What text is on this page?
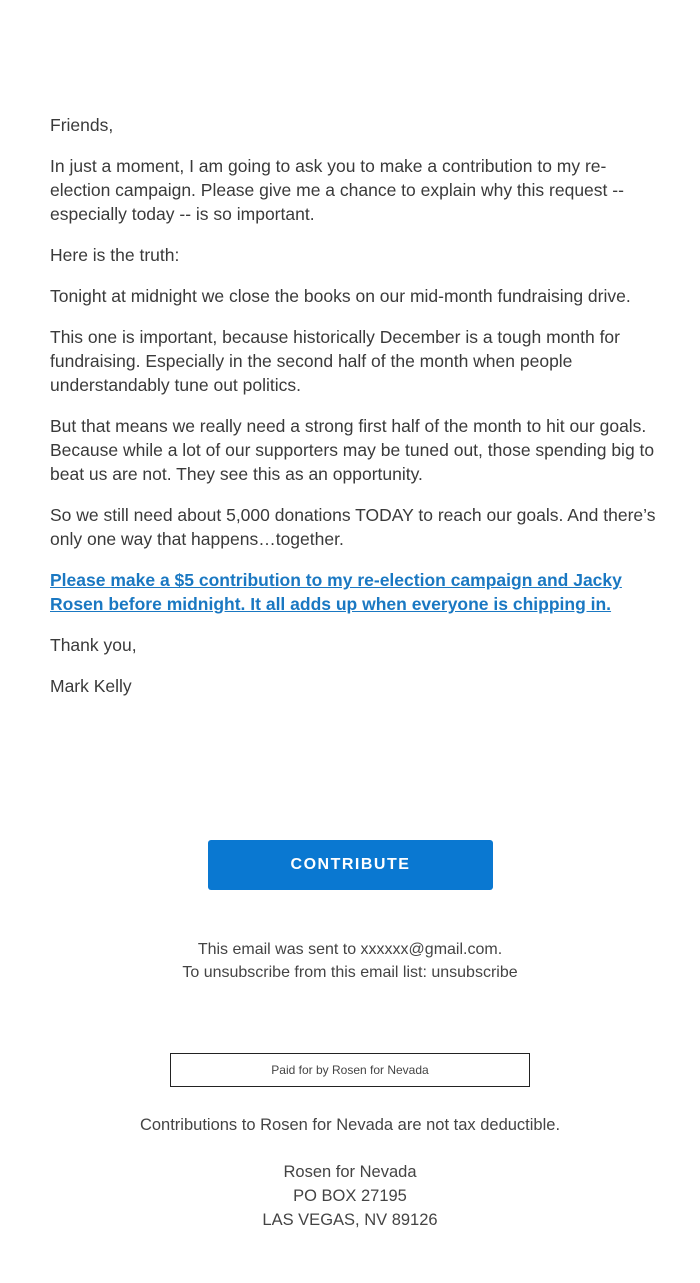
Friends,

In just a moment, I am going to ask you to make a contribution to my re-election campaign. Please give me a chance to explain why this request -- especially today -- is so important.

Here is the truth:

Tonight at midnight we close the books on our mid-month fundraising drive.

This one is important, because historically December is a tough month for fundraising. Especially in the second half of the month when people understandably tune out politics.

But that means we really need a strong first half of the month to hit our goals. Because while a lot of our supporters may be tuned out, those spending big to beat us are not. They see this as an opportunity.

So we still need about 5,000 donations TODAY to reach our goals. And there’s only one way that happens…together.

Please make a $5 contribution to my re-election campaign and Jacky Rosen before midnight. It all adds up when everyone is chipping in.

Thank you,

Mark Kelly

CONTRIBUTE
This email was sent to xxxxxx@gmail.com.
To unsubscribe from this email list: unsubscribe
Paid for by Rosen for Nevada
Contributions to Rosen for Nevada are not tax deductible.
Rosen for Nevada
PO BOX 27195
LAS VEGAS, NV 89126
